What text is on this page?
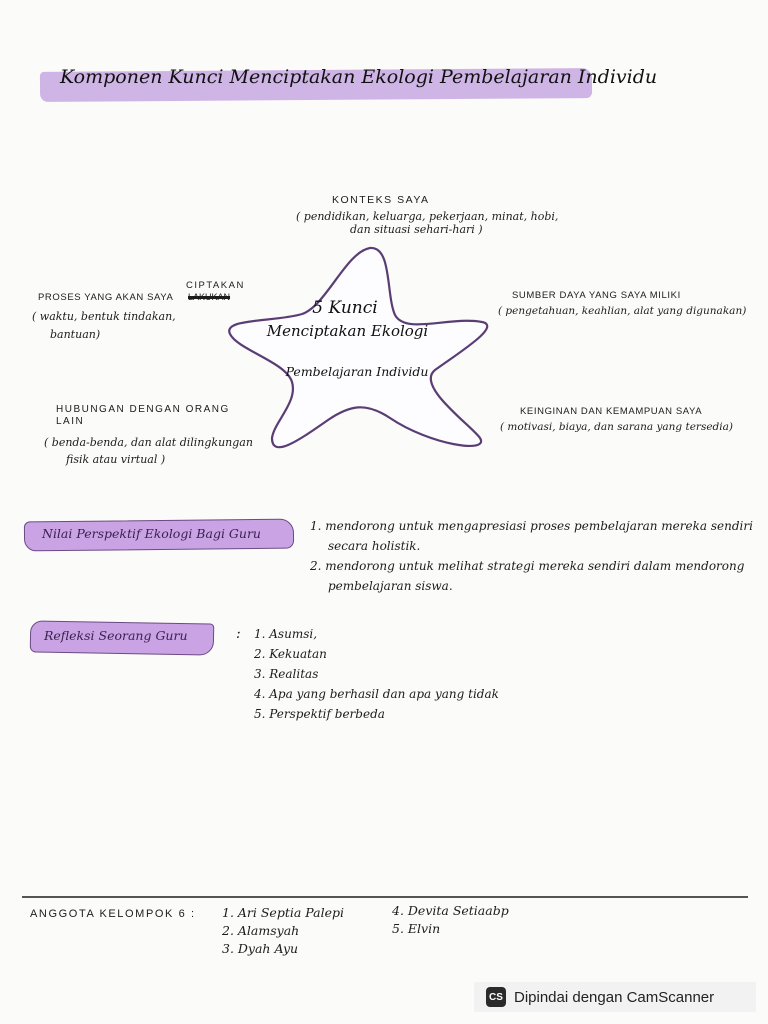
Komponen Kunci Menciptakan Ekologi Pembelajaran Individu
5 Kunci
Menciptakan Ekologi
Pembelajaran Individu
KONTEKS SAYA
( pendidikan, keluarga, pekerjaan, minat, hobi,
dan situasi sehari-hari )
CIPTAKAN
PROSES YANG AKAN SAYA LAKUKAN
( waktu, bentuk tindakan,
bantuan)
SUMBER DAYA YANG SAYA MILIKI
( pengetahuan, keahlian, alat yang digunakan)
HUBUNGAN DENGAN ORANG LAIN
( benda-benda, dan alat dilingkungan
fisik atau virtual )
KEINGINAN DAN KEMAMPUAN SAYA
( motivasi, biaya, dan sarana yang tersedia)
Nilai Perspektif Ekologi Bagi Guru	1. mendorong untuk mengapresiasi proses pembelajaran mereka sendiri
secara holistik.
2. mendorong untuk melihat strategi mereka sendiri dalam mendorong
pembelajaran siswa.
Refleksi Seorang Guru	: 1. Asumsi,
2. Kekuatan
3. Realitas
4. Apa yang berhasil dan apa yang tidak
5. Perspektif berbeda
ANGGOTA KELOMPOK 6 : 1. Ari Septia Palepi
2. Alamsyah
3. Dyah Ayu
4. Devita Setiaabp
5. Elvin
CS Dipindai dengan CamScanner
